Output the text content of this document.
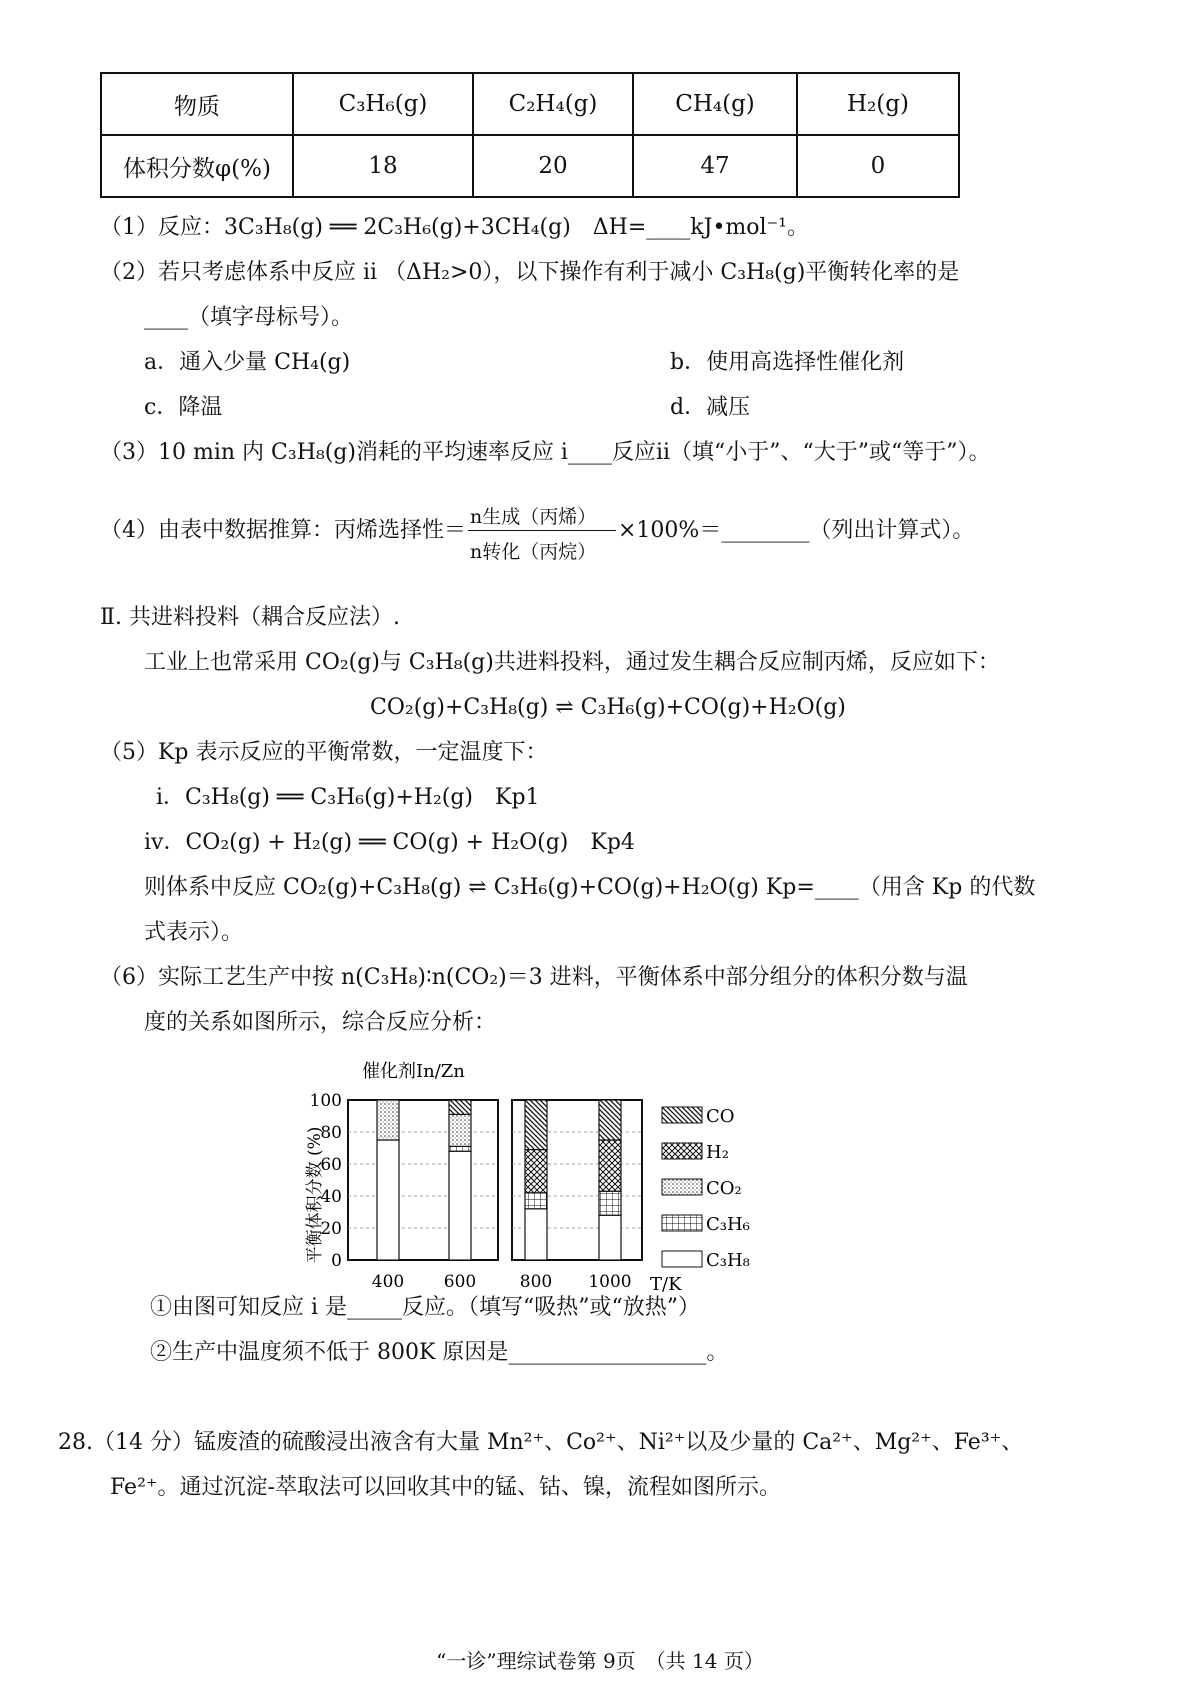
物质	C₃H₆(g)	C₂H₄(g)	CH₄(g)	H₂(g)
体积分数φ(%)	18	20	47	0
（1）反应：3C₃H₈(g) ══ 2C₃H₆(g)+3CH₄(g)　ΔH=____kJ•mol⁻¹。
（2）若只考虑体系中反应 ii （ΔH₂>0），以下操作有利于减小 C₃H₈(g)平衡转化率的是
____（填字母标号）。
a．通入少量 CH₄(g)	b．使用高选择性催化剂
c．降温	d．减压
（3）10 min 内 C₃H₈(g)消耗的平均速率反应 i____反应ii（填“小于”、“大于”或“等于”）。
（4）由表中数据推算：丙烯选择性＝
n生成（丙烯）
n转化（丙烷）
×100%＝________（列出计算式）。
Ⅱ. 共进料投料（耦合反应法）.
工业上也常采用 CO₂(g)与 C₃H₈(g)共进料投料，通过发生耦合反应制丙烯，反应如下：
CO₂(g)+C₃H₈(g) ⇌ C₃H₆(g)+CO(g)+H₂O(g)
（5）Kp 表示反应的平衡常数，一定温度下：
i．C₃H₈(g) ══ C₃H₆(g)+H₂(g)　Kp1
iv．CO₂(g) + H₂(g) ══ CO(g) + H₂O(g)　Kp4
则体系中反应 CO₂(g)+C₃H₈(g) ⇌ C₃H₆(g)+CO(g)+H₂O(g) Kp=____（用含 Kp 的代数
式表示）。
（6）实际工艺生产中按 n(C₃H₈)∶n(CO₂)＝3 进料，平衡体系中部分组分的体积分数与温
度的关系如图所示，综合反应分析：
催化剂In/Zn
平衡体积分数 (%) 0
20
40
60
80
100
400 600	800 1000 T/K
CO
H₂
CO₂
C₃H₆
C₃H₈
①由图可知反应 i 是_____反应。（填写“吸热”或“放热”）
②生产中温度须不低于 800K 原因是__________________。
28.（14 分）锰废渣的硫酸浸出液含有大量 Mn²⁺、Co²⁺、Ni²⁺以及少量的 Ca²⁺、Mg²⁺、Fe³⁺、
Fe²⁺。通过沉淀-萃取法可以回收其中的锰、钴、镍，流程如图所示。
“一诊”理综试卷第 9页　（共 14 页）
